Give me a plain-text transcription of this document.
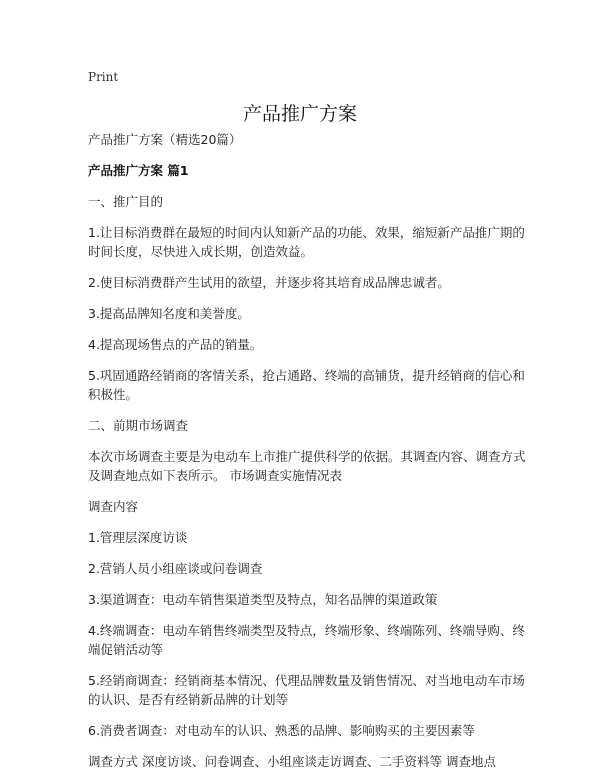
Print
产品推广方案

产品推广方案（精选20篇）

产品推广方案 篇1

一、推广目的

1.让目标消费群在最短的时间内认知新产品的功能、效果，缩短新产品推广期的时间长度，尽快进入成长期，创造效益。

2.使目标消费群产生试用的欲望，并逐步将其培育成品牌忠诚者。

3.提高品牌知名度和美誉度。

4.提高现场售点的产品的销量。

5.巩固通路经销商的客情关系，抢占通路、终端的高铺货，提升经销商的信心和积极性。

二、前期市场调查

本次市场调查主要是为电动车上市推广提供科学的依据。其调查内容、调查方式及调查地点如下表所示。 市场调查实施情况表

调查内容

1.管理层深度访谈

2.营销人员小组座谈或问卷调查

3.渠道调查：电动车销售渠道类型及特点，知名品牌的渠道政策

4.终端调查：电动车销售终端类型及特点，终端形象、终端陈列、终端导购、终端促销活动等

5.经销商调查：经销商基本情况、代理品牌数量及销售情况、对当地电动车市场的认识、是否有经销新品牌的计划等

6.消费者调查：对电动车的认识、熟悉的品牌、影响购买的主要因素等

调查方式 深度访谈、问卷调查、小组座谈走访调查、二手资料等 调查地点
